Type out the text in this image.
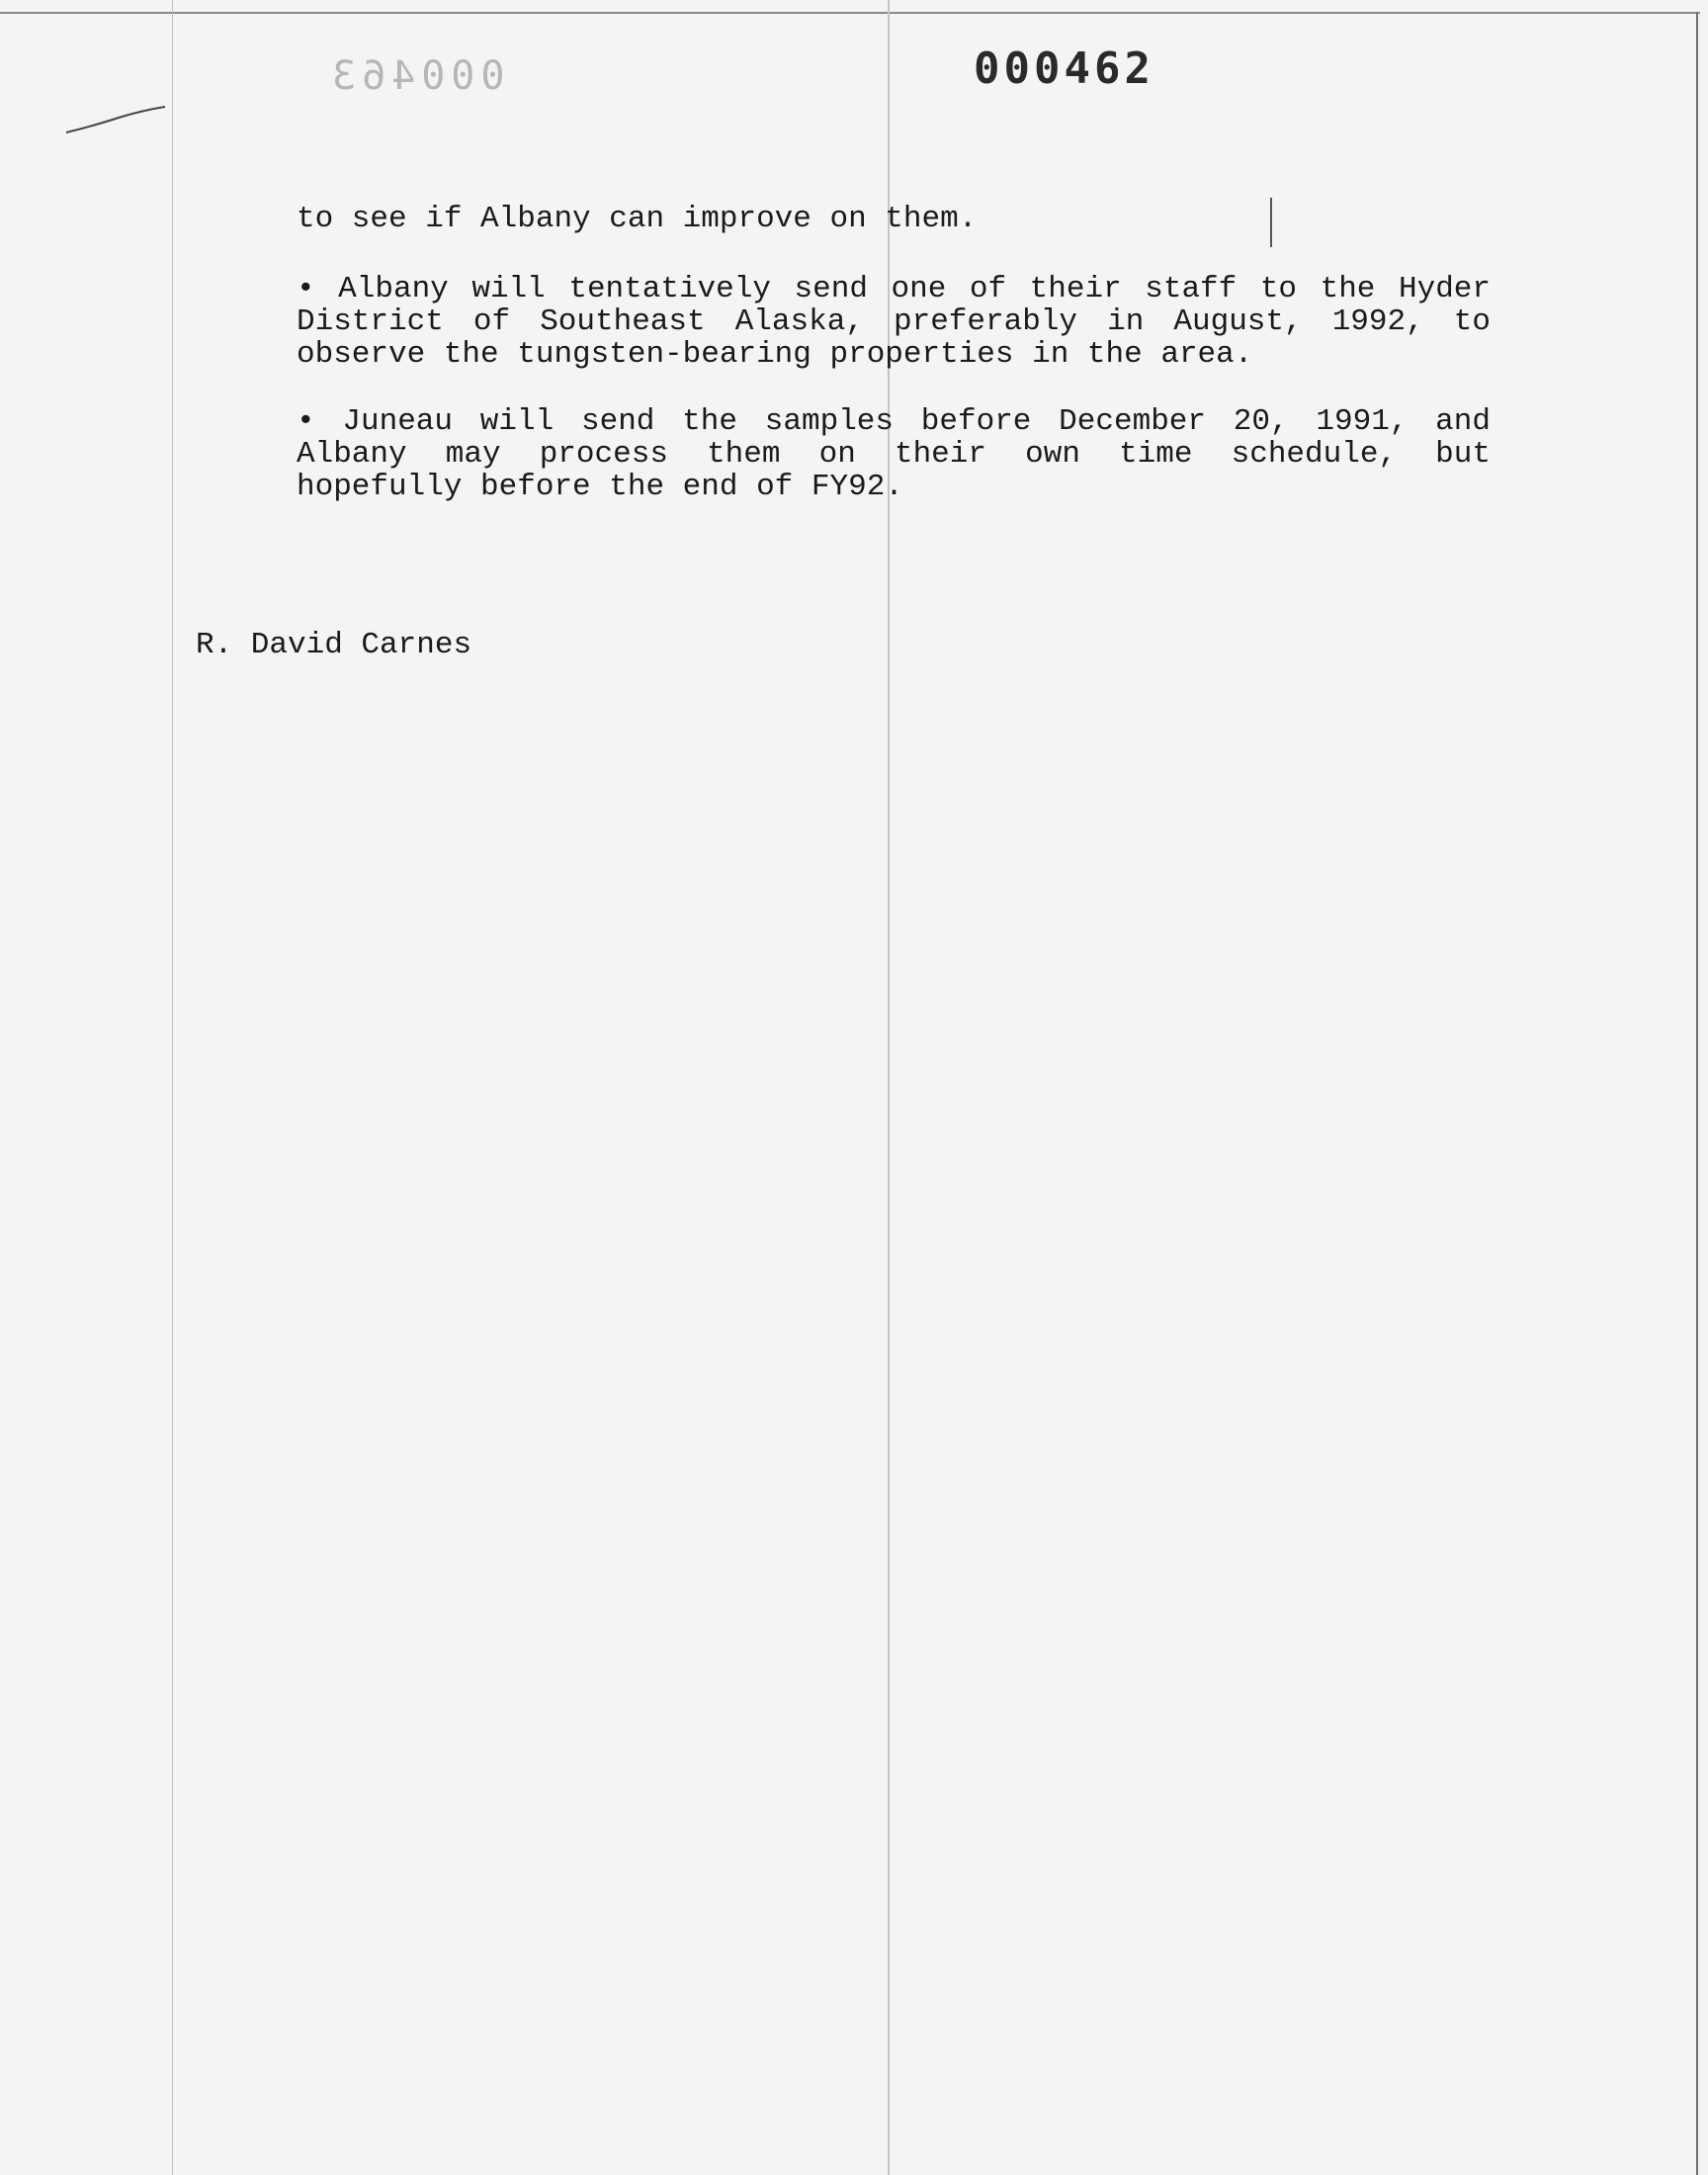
000463	000462
to see if Albany can improve on them.
• Albany will tentatively send one of their staff to the Hyder District of Southeast Alaska, preferably in August, 1992, to observe the tungsten-bearing properties in the area.
• Juneau will send the samples before December 20, 1991, and Albany may process them on their own time schedule, but hopefully before the end of FY92.
R. David Carnes
